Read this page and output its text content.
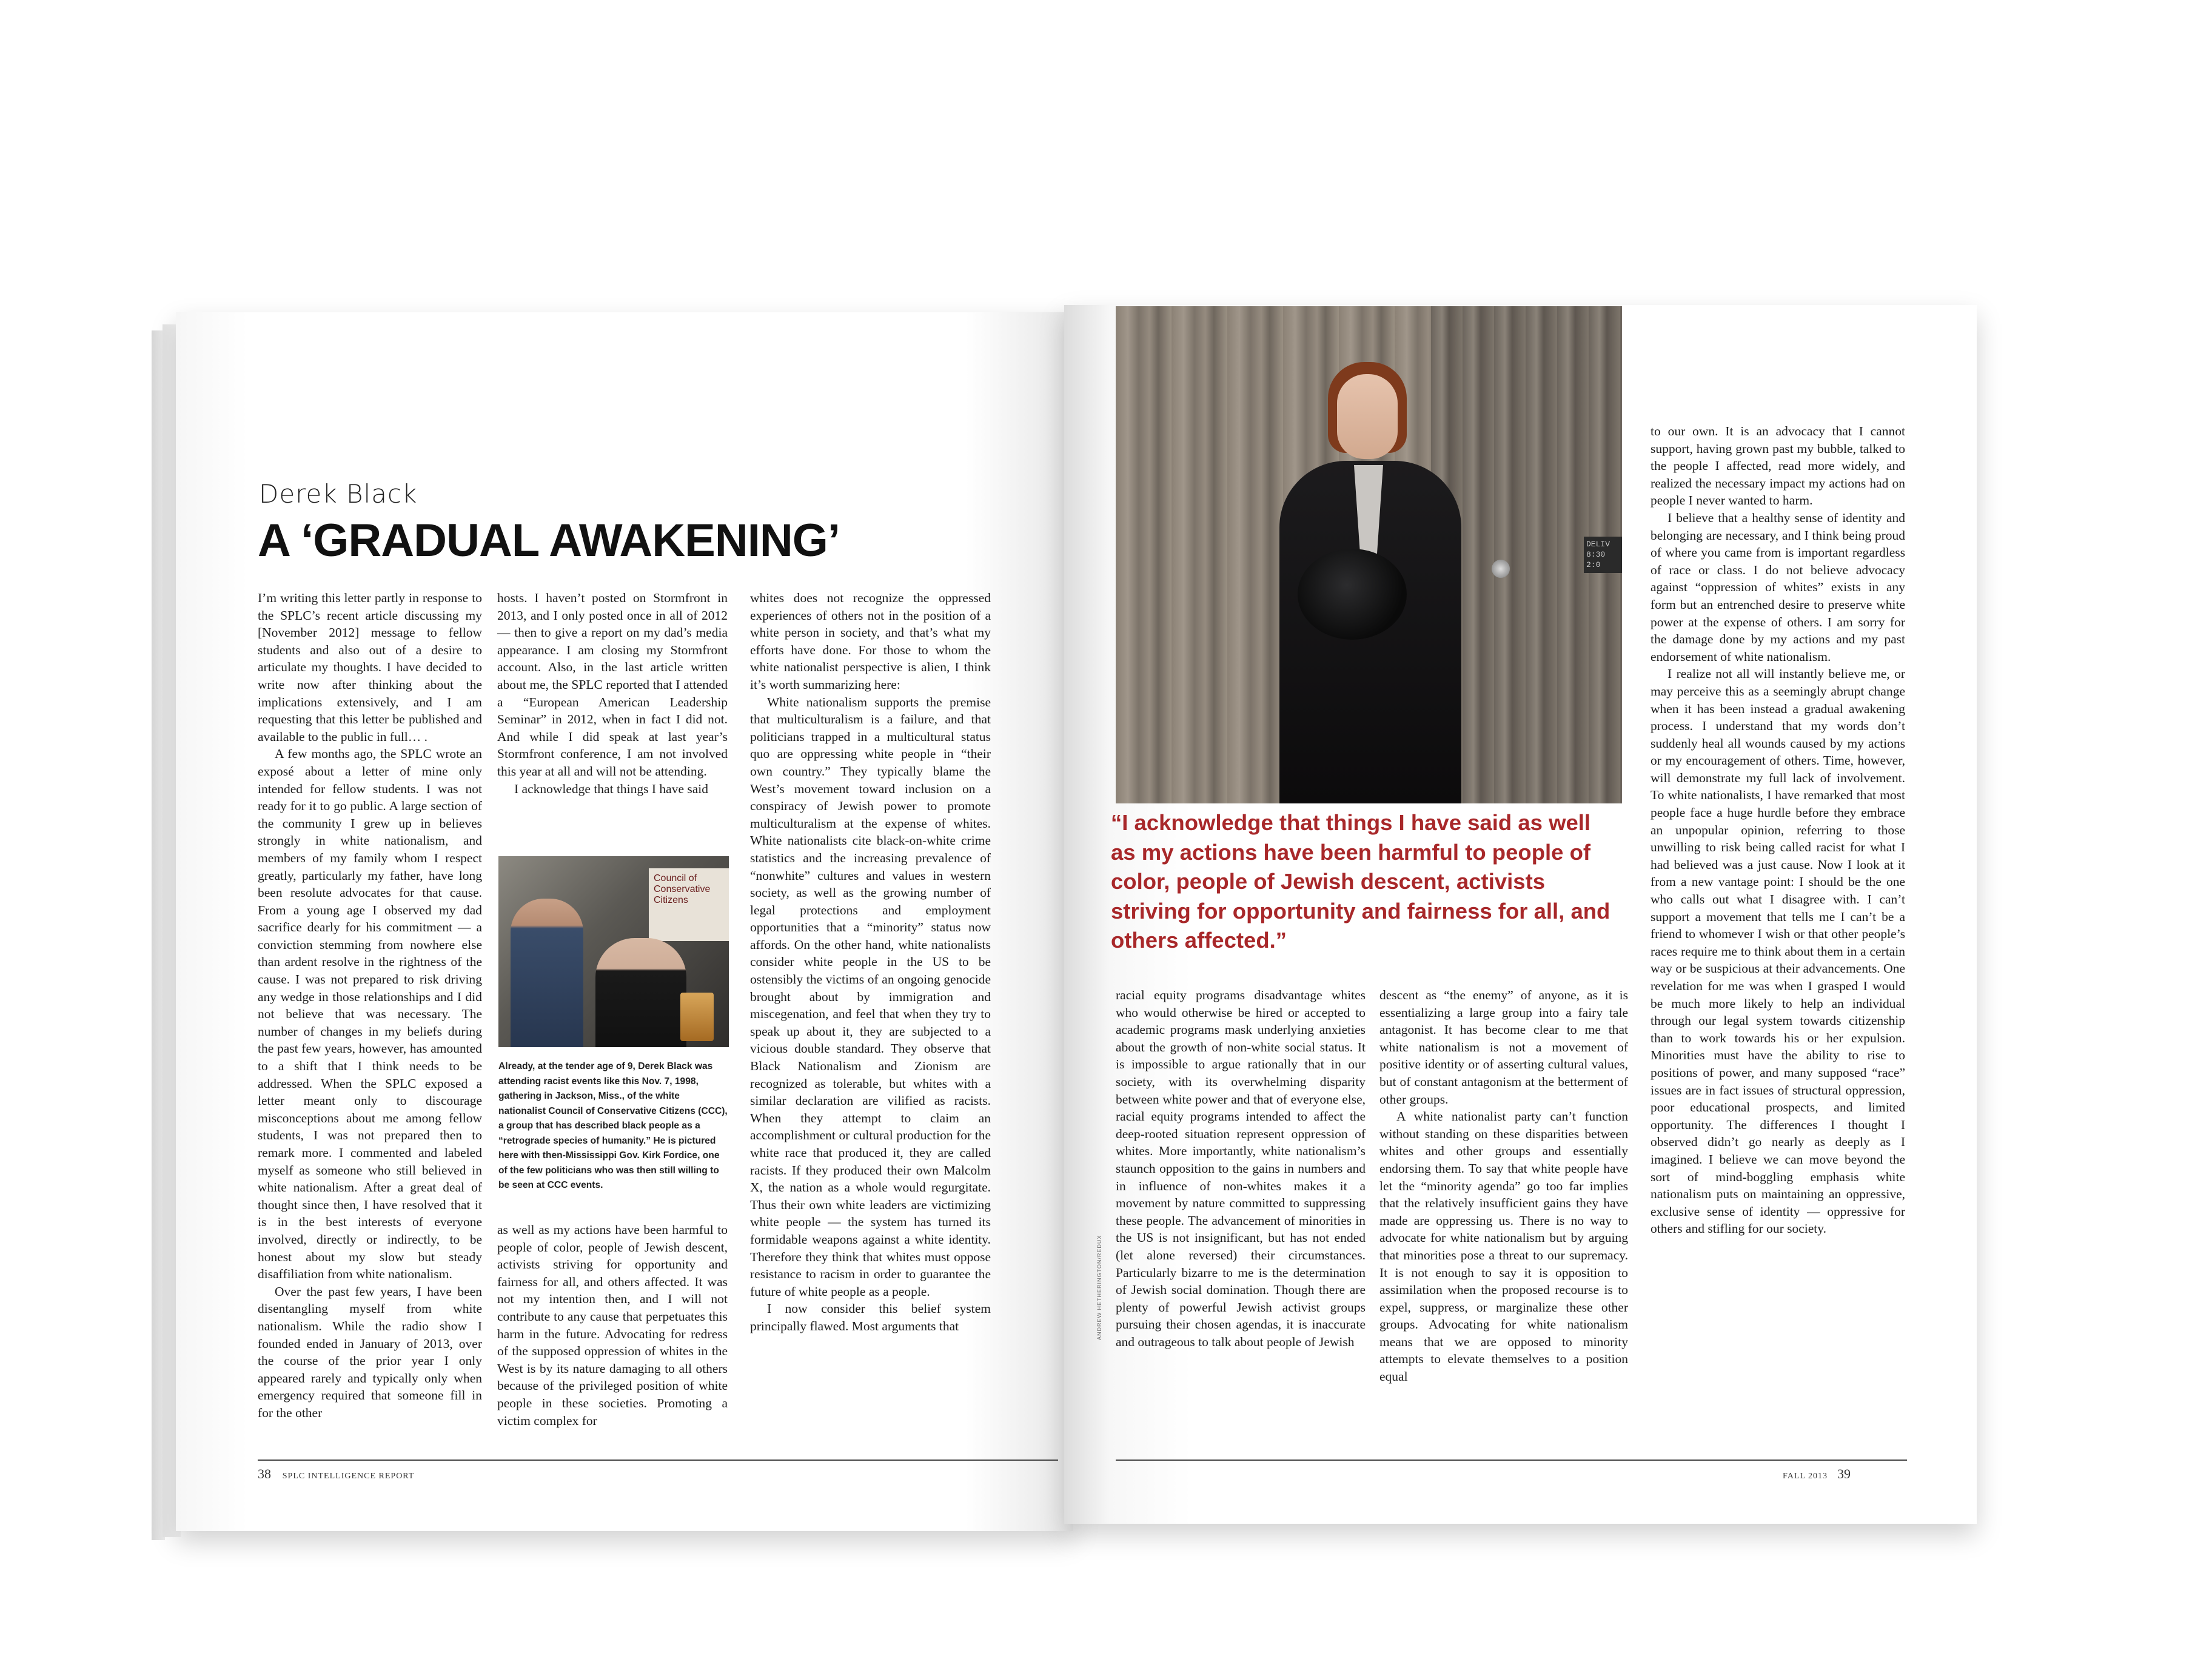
Derek Black
A ‘GRADUAL AWAKENING’

I’m writing this letter partly in response to the SPLC’s recent article discussing my [November 2012] message to fellow students and also out of a desire to articulate my thoughts. I have decided to write now after thinking about the implications extensively, and I am requesting that this letter be published and available to the public in full… .

A few months ago, the SPLC wrote an exposé about a letter of mine only intended for fellow students. I was not ready for it to go public. A large section of the community I grew up in believes strongly in white nationalism, and members of my family whom I respect greatly, particularly my father, have long been resolute advocates for that cause. From a young age I observed my dad sacrifice dearly for his commitment — a conviction stemming from nowhere else than ardent resolve in the rightness of the cause. I was not prepared to risk driving any wedge in those relationships and I did not believe that was necessary. The number of changes in my beliefs during the past few years, however, has amounted to a shift that I think needs to be addressed. When the SPLC exposed a letter meant only to discourage misconceptions about me among fellow students, I was not prepared then to remark more. I commented and labeled myself as someone who still believed in white nationalism. After a great deal of thought since then, I have resolved that it is in the best interests of everyone involved, directly or indirectly, to be honest about my slow but steady disaffiliation from white nationalism.

Over the past few years, I have been disentangling myself from white nationalism. While the radio show I founded ended in January of 2013, over the course of the prior year I only appeared rarely and typically only when emergency required that someone fill in for the other

hosts. I haven’t posted on Stormfront in 2013, and I only posted once in all of 2012 — then to give a report on my dad’s media appearance. I am closing my Stormfront account. Also, in the last article written about me, the SPLC reported that I attended a “European American Leadership Seminar” in 2012, when in fact I did not. And while I did speak at last year’s Stormfront conference, I am not involved this year at all and will not be attending.

I acknowledge that things I have said

Council of Conservative Citizens
Already, at the tender age of 9, Derek Black was attending racist events like this Nov. 7, 1998, gathering in Jackson, Miss., of the white nationalist Council of Conservative Citizens (CCC), a group that has described black people as a “retrograde species of humanity.” He is pictured here with then-Mississippi Gov. Kirk Fordice, one of the few politicians who was then still willing to be seen at CCC events.

as well as my actions have been harmful to people of color, people of Jewish descent, activists striving for opportunity and fairness for all, and others affected. It was not my intention then, and I will not contribute to any cause that perpetuates this harm in the future. Advocating for redress of the supposed oppression of whites in the West is by its nature damaging to all others because of the privileged position of white people in these societies. Promoting a victim complex for

whites does not recognize the oppressed experiences of others not in the position of a white person in society, and that’s what my efforts have done. For those to whom the white nationalist perspective is alien, I think it’s worth summarizing here:

White nationalism supports the premise that multiculturalism is a failure, and that politicians trapped in a multicultural status quo are oppressing white people in “their own country.” They typically blame the West’s movement toward inclusion on a conspiracy of Jewish power to promote multiculturalism at the expense of whites. White nationalists cite black-on-white crime statistics and the increasing prevalence of “nonwhite” cultures and values in western society, as well as the growing number of legal protections and employment opportunities that a “minority” status now affords. On the other hand, white nationalists consider white people in the US to be ostensibly the victims of an ongoing genocide brought about by immigration and miscegenation, and feel that when they try to speak up about it, they are subjected to a vicious double standard. They observe that Black Nationalism and Zionism are recognized as tolerable, but whites with a similar declaration are vilified as racists. When they attempt to claim an accomplishment or cultural production for the white race that produced it, they are called racists. If they produced their own Malcolm X, the nation as a whole would regurgitate. Thus their own white leaders are victimizing white people — the system has turned its formidable weapons against a white identity. Therefore they think that whites must oppose resistance to racism in order to guarantee the future of white people as a people.

I now consider this belief system principally flawed. Most arguments that

38 SPLC INTELLIGENCE REPORT
DELIV 8:30 2:0
ANDREW HETHERINGTON/REDUX
“I acknowledge that things I have said as well as my actions have been harmful to people of color, people of Jewish descent, activists striving for opportunity and fairness for all, and others affected.”

racial equity programs disadvantage whites who would otherwise be hired or accepted to academic programs mask underlying anxieties about the growth of non-white social status. It is impossible to argue rationally that in our society, with its overwhelming disparity between white power and that of everyone else, racial equity programs intended to affect the deep-rooted situation represent oppression of whites. More importantly, white nationalism’s staunch opposition to the gains in numbers and in influence of non-whites makes it a movement by nature committed to suppressing these people. The advancement of minorities in the US is not insignificant, but has not ended (let alone reversed) their circumstances. Particularly bizarre to me is the determination of Jewish social domination. Though there are plenty of powerful Jewish activist groups pursuing their chosen agendas, it is inaccurate and outrageous to talk about people of Jewish

descent as “the enemy” of anyone, as it is essentializing a large group into a fairy tale antagonist. It has become clear to me that white nationalism is not a movement of positive identity or of asserting cultural values, but of constant antagonism at the betterment of other groups.

A white nationalist party can’t function without standing on these disparities between whites and other groups and essentially endorsing them. To say that white people have let the “minority agenda” go too far implies that the relatively insufficient gains they have made are oppressing us. There is no way to advocate for white nationalism but by arguing that minorities pose a threat to our supremacy. It is not enough to say it is opposition to assimilation when the proposed recourse is to expel, suppress, or marginalize these other groups. Advocating for white nationalism means that we are opposed to minority attempts to elevate themselves to a position equal

to our own. It is an advocacy that I cannot support, having grown past my bubble, talked to the people I affected, read more widely, and realized the necessary impact my actions had on people I never wanted to harm.

I believe that a healthy sense of identity and belonging are necessary, and I think being proud of where you came from is important regardless of race or class. I do not believe advocacy against “oppression of whites” exists in any form but an entrenched desire to preserve white power at the expense of others. I am sorry for the damage done by my actions and my past endorsement of white nationalism.

I realize not all will instantly believe me, or may perceive this as a seemingly abrupt change when it has been instead a gradual awakening process. I understand that my words don’t suddenly heal all wounds caused by my actions or my encouragement of others. Time, however, will demonstrate my full lack of involvement. To white nationalists, I have remarked that most people face a huge hurdle before they embrace an unpopular opinion, referring to those unwilling to risk being called racist for what I had believed was a just cause. Now I look at it from a new vantage point: I should be the one who calls out what I disagree with. I can’t support a movement that tells me I can’t be a friend to whomever I wish or that other people’s races require me to think about them in a certain way or be suspicious at their advancements. One revelation for me was when I grasped I would be much more likely to help an individual through our legal system towards citizenship than to work towards his or her expulsion. Minorities must have the ability to rise to positions of power, and many supposed “race” issues are in fact issues of structural oppression, poor educational prospects, and limited opportunity. The differences I thought I observed didn’t go nearly as deeply as I imagined. I believe we can move beyond the sort of mind-boggling emphasis white nationalism puts on maintaining an oppressive, exclusive sense of identity — oppressive for others and stifling for our society.

FALL 2013 39
